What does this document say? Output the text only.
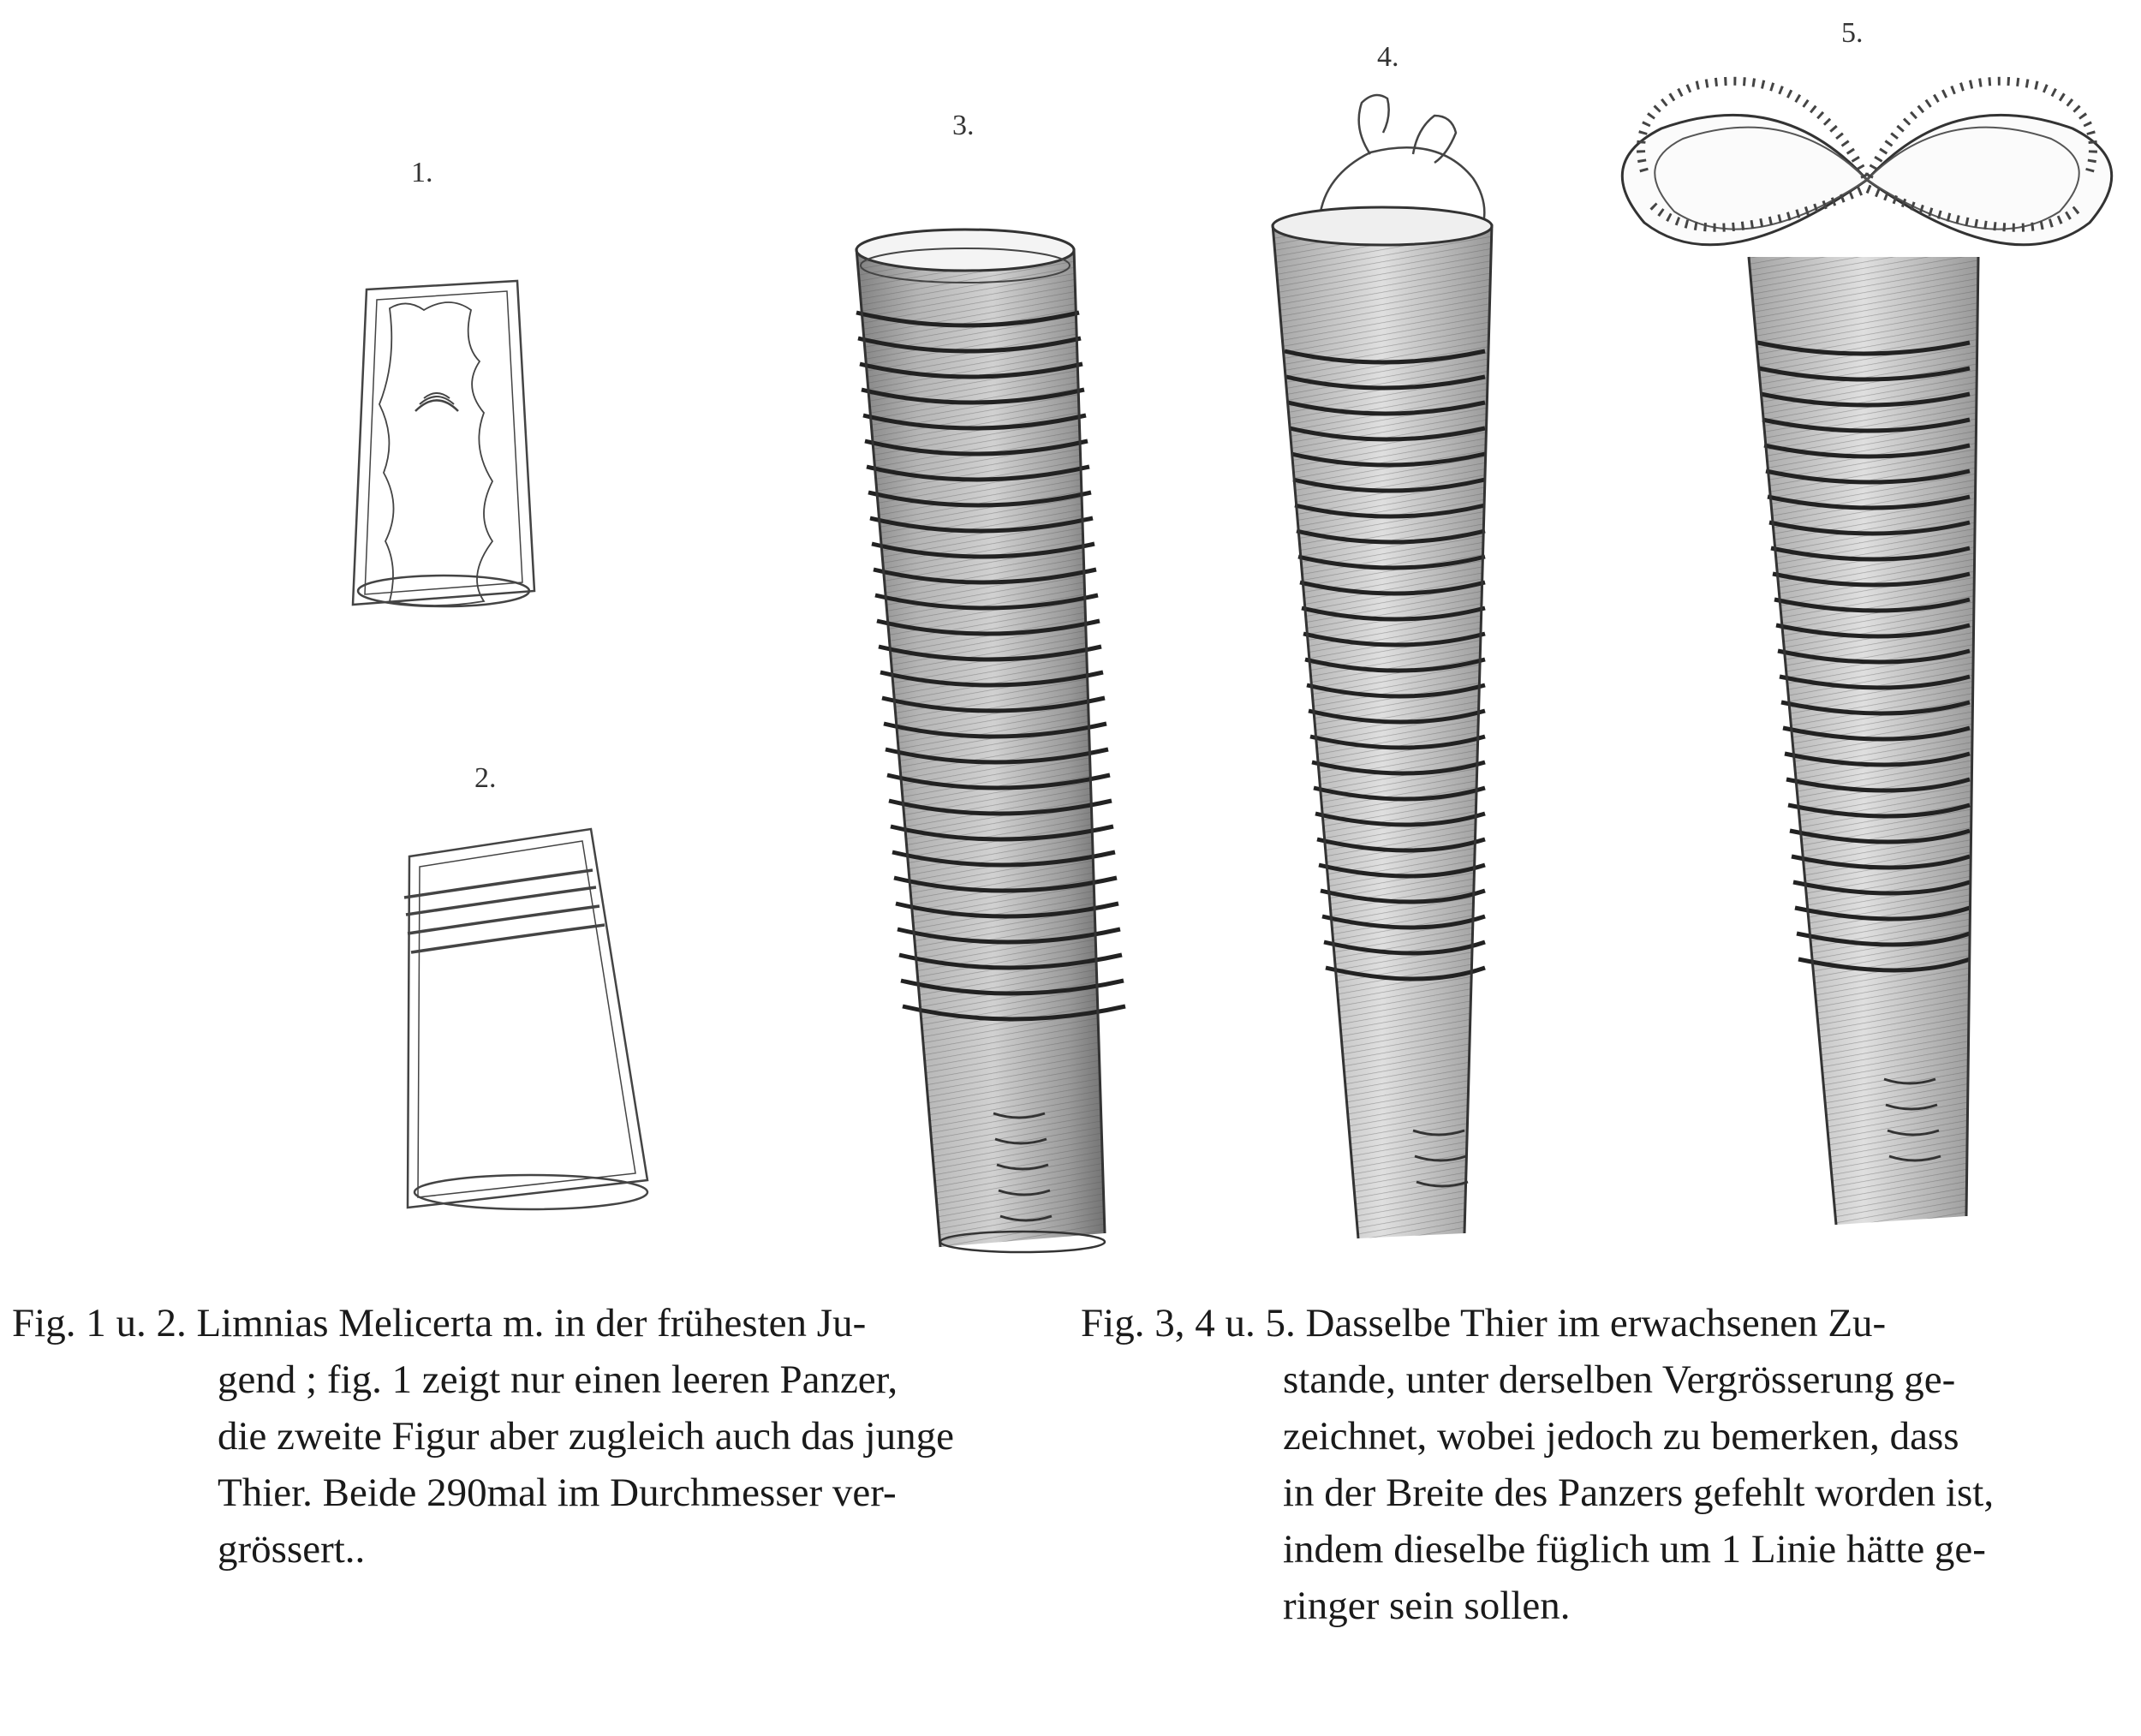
1.
2.
3.
4.
5.
Fig. 1 u. 2. Limnias Melicerta m. in der frühesten Ju-
gend ; fig. 1 zeigt nur einen leeren Panzer,
die zweite Figur aber zugleich auch das junge
Thier. Beide 290mal im Durchmesser ver-
grössert..
Fig. 3, 4 u. 5. Dasselbe Thier im erwachsenen Zu-
stande, unter derselben Vergrösserung ge-
zeichnet, wobei jedoch zu bemerken, dass
in der Breite des Panzers gefehlt worden ist,
indem dieselbe füglich um 1 Linie hätte ge-
ringer sein sollen.
